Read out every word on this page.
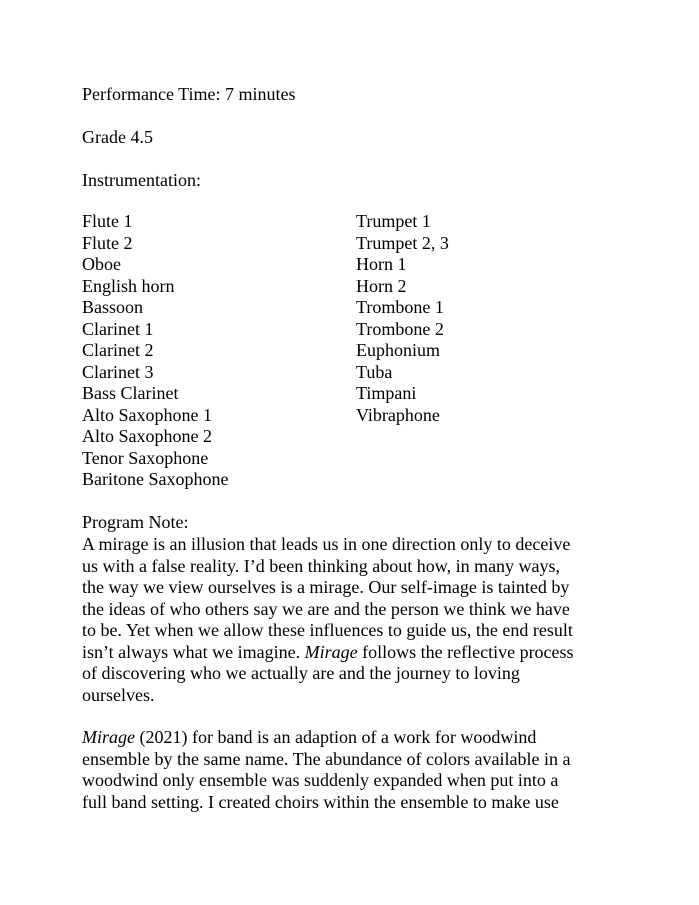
Performance Time: 7 minutes
Grade 4.5
Instrumentation:
Flute 1
Flute 2
Oboe
English horn
Bassoon
Clarinet 1
Clarinet 2
Clarinet 3
Bass Clarinet
Alto Saxophone 1
Alto Saxophone 2
Tenor Saxophone
Baritone Saxophone
Trumpet 1
Trumpet 2, 3
Horn 1
Horn 2
Trombone 1
Trombone 2
Euphonium
Tuba
Timpani
Vibraphone
Program Note:
A mirage is an illusion that leads us in one direction only to deceive
us with a false reality. I’d been thinking about how, in many ways,
the way we view ourselves is a mirage. Our self-image is tainted by
the ideas of who others say we are and the person we think we have
to be. Yet when we allow these influences to guide us, the end result
isn’t always what we imagine. Mirage follows the reflective process
of discovering who we actually are and the journey to loving
ourselves.
Mirage (2021) for band is an adaption of a work for woodwind
ensemble by the same name. The abundance of colors available in a
woodwind only ensemble was suddenly expanded when put into a
full band setting. I created choirs within the ensemble to make use
